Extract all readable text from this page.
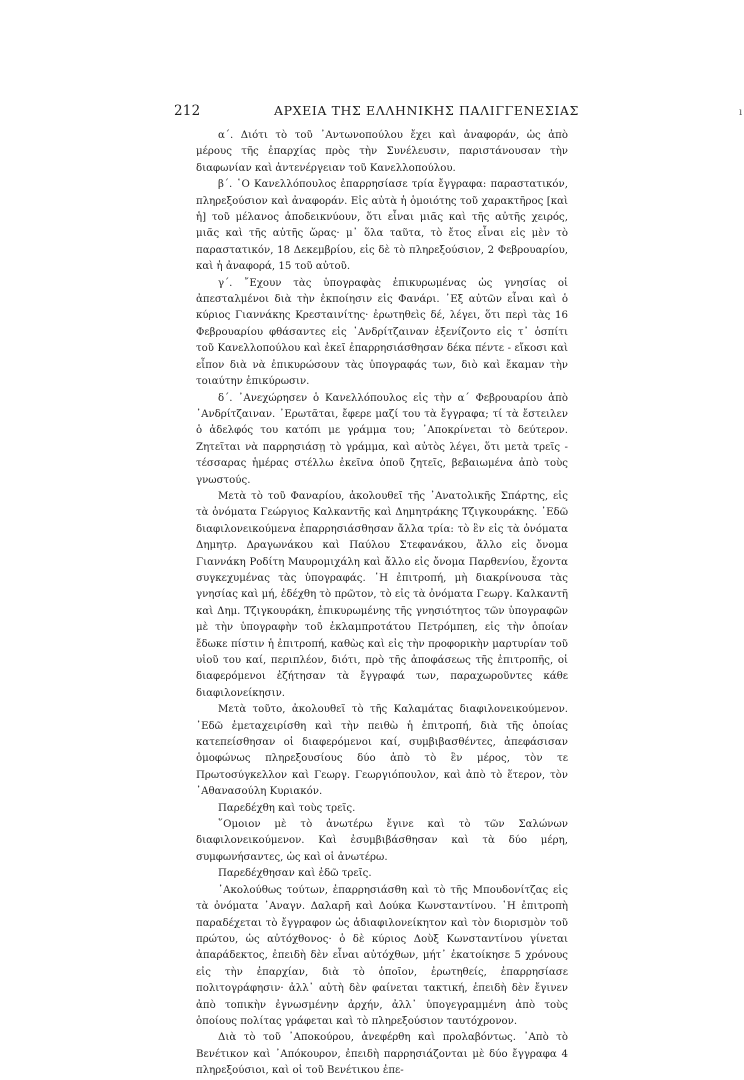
212	ΑΡΧΕΙΑ ΤΗΣ ΕΛΛΗΝΙΚΗΣ ΠΑΛΙΓΓΕΝΕΣΙΑΣ	ı

α΄. Διότι τὸ τοῦ ᾿Αντωνοπούλου ἔχει καὶ ἀναφοράν, ὡς ἀπὸ μέρους τῆς ἐπαρχίας πρὸς τὴν Συνέλευσιν, παριστάνουσαν τὴν διαφωνίαν καὶ ἀντενέργειαν τοῦ Κανελλοπούλου.

β΄. ῾Ο Κανελλόπουλος ἐπαρρησίασε τρία ἔγγραφα: παραστατικόν, πληρεξούσιον καὶ ἀναφοράν. Εἰς αὐτὰ ἡ ὁμοιότης τοῦ χαρακτῆρος [καὶ ἡ] τοῦ μέλανος ἀποδεικνύουν, ὅτι εἶναι μιᾶς καὶ τῆς αὐτῆς χειρός, μιᾶς καὶ τῆς αὐτῆς ὥρας· μ᾿ ὅλα ταῦτα, τὸ ἔτος εἶναι εἰς μὲν τὸ παραστατικόν, 18 Δεκεμβρίου, εἰς δὲ τὸ πληρεξούσιον, 2 Φεβρουαρίου, καὶ ἡ ἀναφορά, 15 τοῦ αὐτοῦ.

γ΄. ῎Εχουν τὰς ὑπογραφὰς ἐπικυρωμένας ὡς γνησίας οἱ ἀπεσταλμένοι διὰ τὴν ἐκποίησιν εἰς Φανάρι. ᾿Εξ αὐτῶν εἶναι καὶ ὁ κύριος Γιαννάκης Κρεσταινίτης· ἐρωτηθεὶς δέ, λέγει, ὅτι περὶ τὰς 16 Φεβρουαρίου φθάσαντες εἰς ᾿Ανδρίτζαιναν ἐξενίζοντο εἰς τ᾿ ὁσπίτι τοῦ Κανελλοπούλου καὶ ἐκεῖ ἐπαρρησιάσθησαν δέκα πέντε - εἴκοσι καὶ εἶπον διὰ νὰ ἐπικυρώσουν τὰς ὑπογραφάς των, διὸ καὶ ἔκαμαν τὴν τοιαύτην ἐπικύρωσιν.

δ΄. ᾿Ανεχώρησεν ὁ Κανελλόπουλος εἰς τὴν α΄ Φεβρουαρίου ἀπὸ ᾿Ανδρίτζαιναν. ᾿Ερωτᾶται, ἔφερε μαζί του τὰ ἔγγραφα; τί τὰ ἔστειλεν ὁ ἀδελφός του κατόπι με γράμμα του; ᾿Αποκρίνεται τὸ δεύτερον. Ζητεῖται νὰ παρρησιάσῃ τὸ γράμμα, καὶ αὐτὸς λέγει, ὅτι μετὰ τρεῖς - τέσσαρας ἡμέρας στέλλω ἐκεῖνα ὁποῦ ζητεῖς, βεβαιωμένα ἀπὸ τοὺς γνωστούς.

Μετὰ τὸ τοῦ Φαναρίου, ἀκολουθεῖ τῆς ᾿Ανατολικῆς Σπάρτης, εἰς τὰ ὀνόματα Γεώργιος Καλκαντῆς καὶ Δημητράκης Τζιγκουράκης. ᾿Εδῶ διαφιλονεικούμενα ἐπαρρησιάσθησαν ἄλλα τρία: τὸ ἓν εἰς τὰ ὀνόματα Δημητρ. Δραγωνάκου καὶ Παύλου Στεφανάκου, ἄλλο εἰς ὄνομα Γιαννάκη Ροδίτη Μαυρομιχάλη καὶ ἄλλο εἰς ὄνομα Παρθενίου, ἔχοντα συγκεχυμένας τὰς ὑπογραφάς. ῾Η ἐπιτροπή, μὴ διακρίνουσα τὰς γνησίας καὶ μή, ἐδέχθη τὸ πρῶτον, τὸ εἰς τὰ ὀνόματα Γεωργ. Καλκαντῆ καὶ Δημ. Τζιγκουράκη, ἐπικυρωμένης τῆς γνησιότητος τῶν ὑπογραφῶν μὲ τὴν ὑπογραφὴν τοῦ ἐκλαμπροτάτου Πετρόμπεη, εἰς τὴν ὁποίαν ἔδωκε πίστιν ἡ ἐπιτροπή, καθὼς καὶ εἰς τὴν προφορικὴν μαρτυρίαν τοῦ υἱοῦ του καί, περιπλέον, διότι, πρὸ τῆς ἀποφάσεως τῆς ἐπιτροπῆς, οἱ διαφερόμενοι ἐζήτησαν τὰ ἔγγραφά των, παραχωροῦντες κάθε διαφιλονείκησιν.

Μετὰ τοῦτο, ἀκολουθεῖ τὸ τῆς Καλαμάτας διαφιλονεικούμενον. ᾿Εδῶ ἐμεταχειρίσθη καὶ τὴν πειθὼ ἡ ἐπιτροπή, διὰ τῆς ὁποίας κατεπείσθησαν οἱ διαφερόμενοι καί, συμβιβασθέντες, ἀπεφάσισαν ὁμοφώνως πληρεξουσίους δύο ἀπὸ τὸ ἓν μέρος, τὸν τε Πρωτοσύγκελλον καὶ Γεωργ. Γεωργιόπουλον, καὶ ἀπὸ τὸ ἕτερον, τὸν ᾿Αθανασούλη Κυριακόν.

Παρεδέχθη καὶ τοὺς τρεῖς.

῞Ομοιον μὲ τὸ ἀνωτέρω ἔγινε καὶ τὸ τῶν Σαλώνων διαφιλονεικούμενον. Καὶ ἐσυμβιβάσθησαν καὶ τὰ δύο μέρη, συμφωνήσαντες, ὡς καὶ οἱ ἀνωτέρω.

Παρεδέχθησαν καὶ ἐδῶ τρεῖς.

᾿Ακολούθως τούτων, ἐπαρρησιάσθη καὶ τὸ τῆς Μπουδονίτζας εἰς τὰ ὀνόματα ᾿Αναγν. Δαλαρῆ καὶ Δούκα Κωνσταντίνου. ῾Η ἐπιτροπὴ παραδέχεται τὸ ἔγγραφον ὡς ἀδιαφιλονείκητον καὶ τὸν διορισμὸν τοῦ πρώτου, ὡς αὐτόχθονος· ὁ δὲ κύριος Δοὺξ Κωνσταντίνου γίνεται ἀπαράδεκτος, ἐπειδὴ δὲν εἶναι αὐτόχθων, μήτ᾿ ἐκατοίκησε 5 χρόνους εἰς τὴν ἐπαρχίαν, διὰ τὸ ὁποῖον, ἐρωτηθείς, ἐπαρρησίασε πολιτογράφησιν· ἀλλ᾿ αὐτὴ δὲν φαίνεται τακτική, ἐπειδὴ δὲν ἔγινεν ἀπὸ τοπικὴν ἐγνωσμένην ἀρχήν, ἀλλ᾿ ὑπογεγραμμένη ἀπὸ τοὺς ὁποίους πολίτας γράφεται καὶ τὸ πληρεξούσιον ταυτόχρονον.

Διὰ τὸ τοῦ ᾿Αποκούρου, ἀνεφέρθη καὶ προλαβόντως. ᾿Απὸ τὸ Βενέτικον καὶ ᾿Απόκουρον, ἐπειδὴ παρρησιάζονται μὲ δύο ἔγγραφα 4 πληρεξούσιοι, καὶ οἱ τοῦ Βενέτικου ἐπε-
